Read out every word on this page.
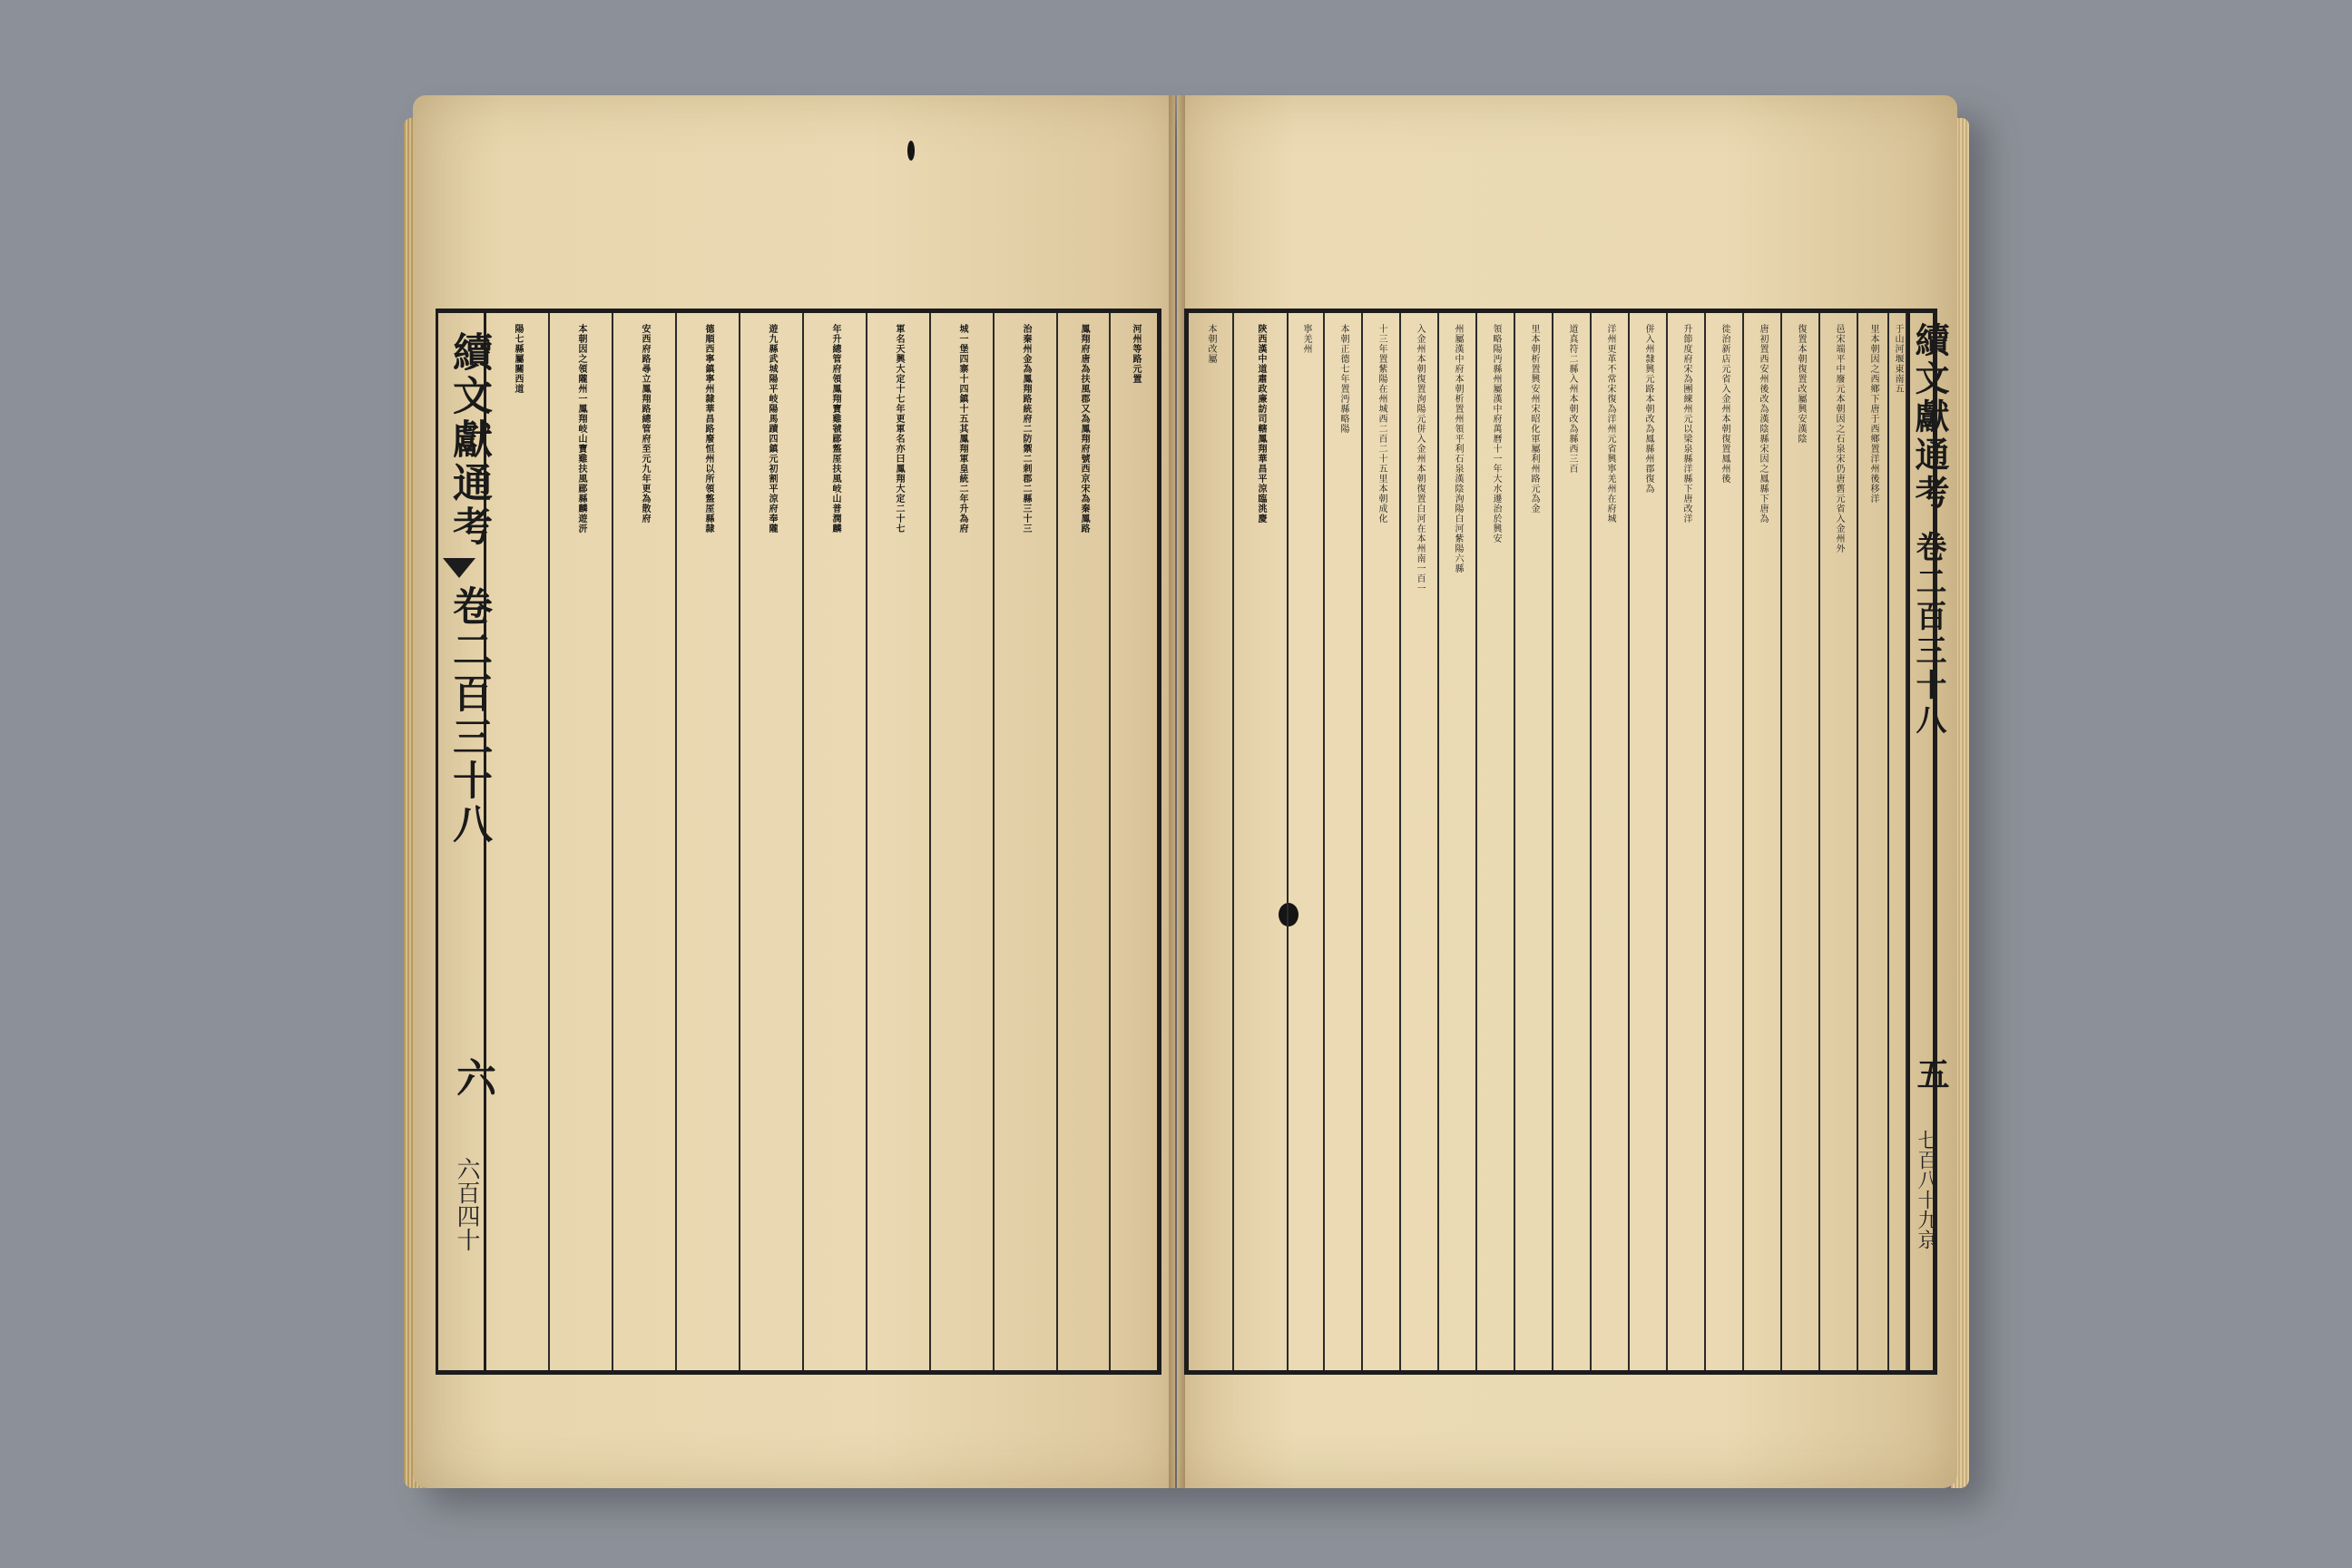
續文獻通考
卷二百三十八
六
六百四十
陽七縣屬關西道	本朝因之領隴州一鳳翔岐山寶雞扶風郿縣麟遊汧	安西府路尋立鳳翔路總管府至元九年更為散府	德順西寧鎮寧州隸華昌路廢恒州以所領盩厔縣隸	遊九縣武城陽平岐陽馬蹟四鎮元初割平涼府奉隴	年升總管府領鳳翔寶雞虢郿盩厔扶風岐山普潤麟	軍名天興大定十七年更軍名亦曰鳳翔大定二十七	城一堡四寨十四鎮十五其鳳翔軍皇統二年升為府	治秦州金為鳳翔路統府二防禦二刺郡二縣三十三	鳳翔府唐為扶風郡又為鳳翔府號西京宋為秦鳳路	河州等路元置	本朝改屬	陝西漢中道肅政廉訪司轄鳳翔華昌平涼臨洮慶	寧羌州	本朝正德七年置沔縣略陽	十三年置紫陽在州城西二百二十五里本朝成化	入金州本朝復置洵陽元併入金州本朝復置白河在本州南一百一	州屬漢中府本朝析置州領平利石泉漢陰洵陽白河紫陽六縣	領略陽沔縣州屬漢中府萬曆十一年大水遷治於興安	里本朝析置興安州宋昭化軍屬利州路元為金	道真符二縣入州本朝改為縣西三百	洋州更革不常宋復為洋州元省興寧羌州在府城	併入州隸興元路本朝改為鳳縣州郡復為	升節度府宋為團練州元以梁泉縣洋縣下唐改洋	徙治新店元省入金州本朝復置鳳州後	唐初置西安州後改為漢陰縣宋因之鳳縣下唐為	復置本朝復置改屬興安漢陰	邑宋端平中廢元本朝因之石泉宋仍唐舊元省入金州外	里本朝因之西鄉下唐于西鄉置洋州後移洋 于山河堰東南五 續文獻通考
卷二百三十八
五
七百八十九京
